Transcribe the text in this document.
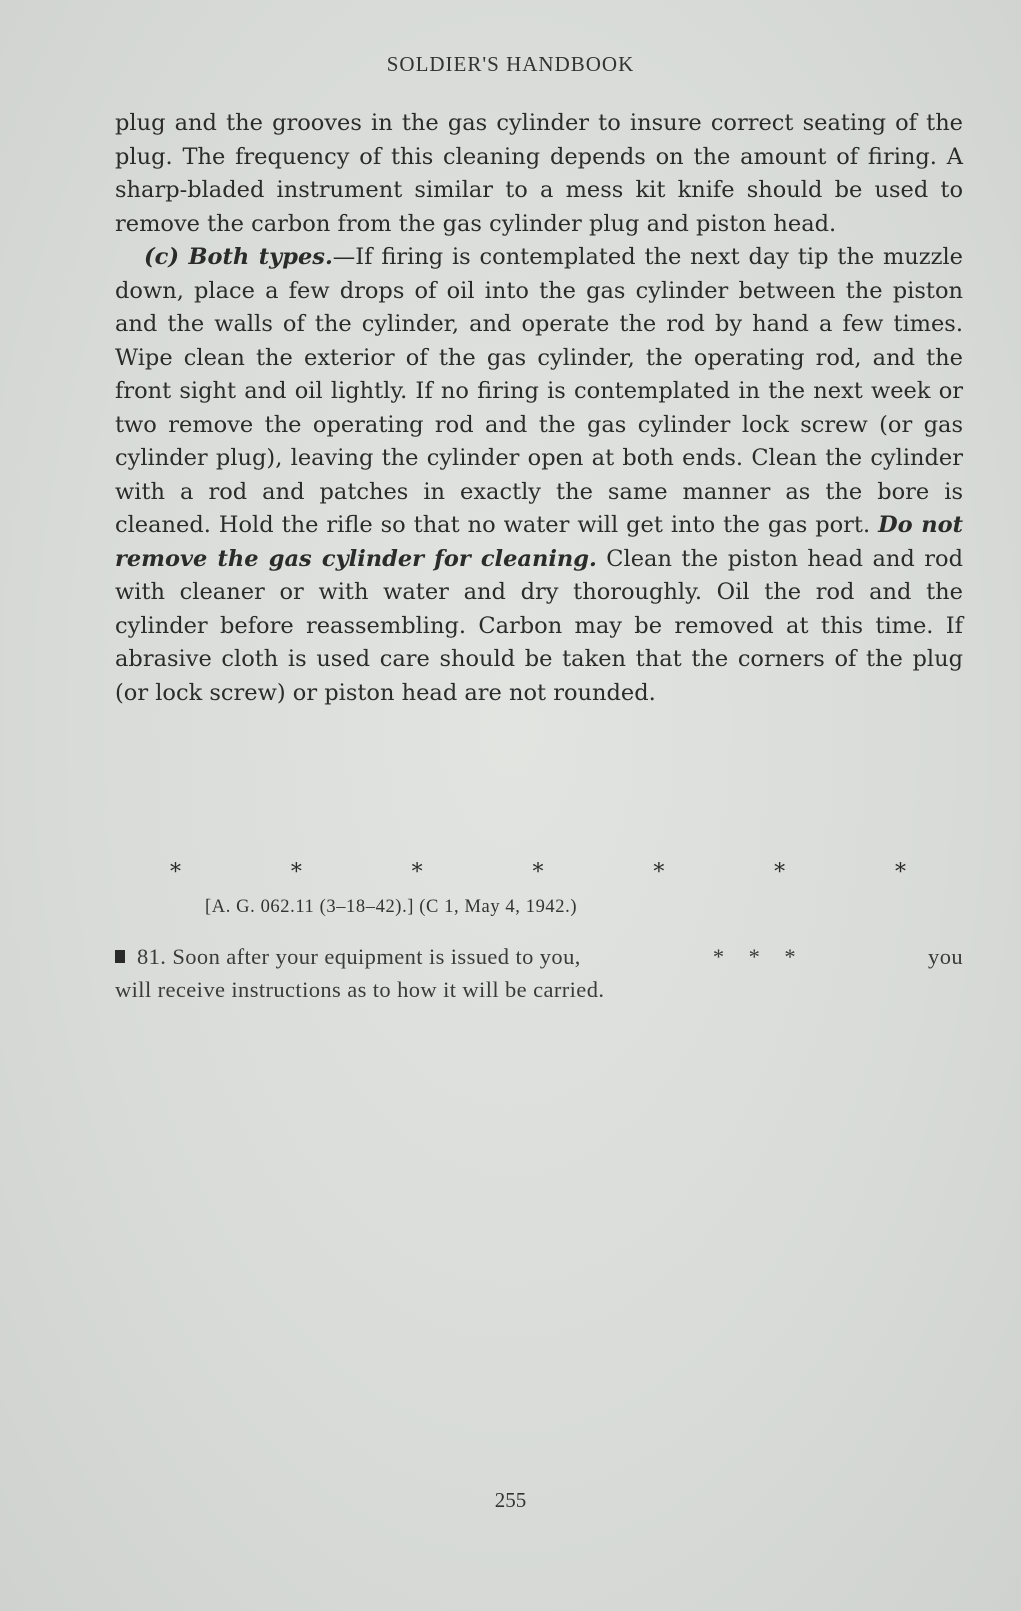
SOLDIER'S HANDBOOK

plug and the grooves in the gas cylinder to insure correct seating of the plug. The frequency of this cleaning depends on the amount of firing. A sharp-bladed instrument similar to a mess kit knife should be used to remove the carbon from the gas cylinder plug and piston head.

(c) Both types.—If firing is contemplated the next day tip the muzzle down, place a few drops of oil into the gas cylinder between the piston and the walls of the cylinder, and operate the rod by hand a few times. Wipe clean the exterior of the gas cylinder, the operating rod, and the front sight and oil lightly. If no firing is contemplated in the next week or two remove the operating rod and the gas cylinder lock screw (or gas cylinder plug), leaving the cylinder open at both ends. Clean the cylinder with a rod and patches in exactly the same manner as the bore is cleaned. Hold the rifle so that no water will get into the gas port. Do not remove the gas cylinder for cleaning. Clean the piston head and rod with cleaner or with water and dry thoroughly. Oil the rod and the cylinder before reassembling. Carbon may be removed at this time. If abrasive cloth is used care should be taken that the corners of the plug (or lock screw) or piston head are not rounded.

*	*	*	*	*	*	*
[A. G. 062.11 (3–18–42).] (C 1, May 4, 1942.)
81. Soon after your equipment is issued to you,	*    *    *	you
will receive instructions as to how it will be carried.
255
